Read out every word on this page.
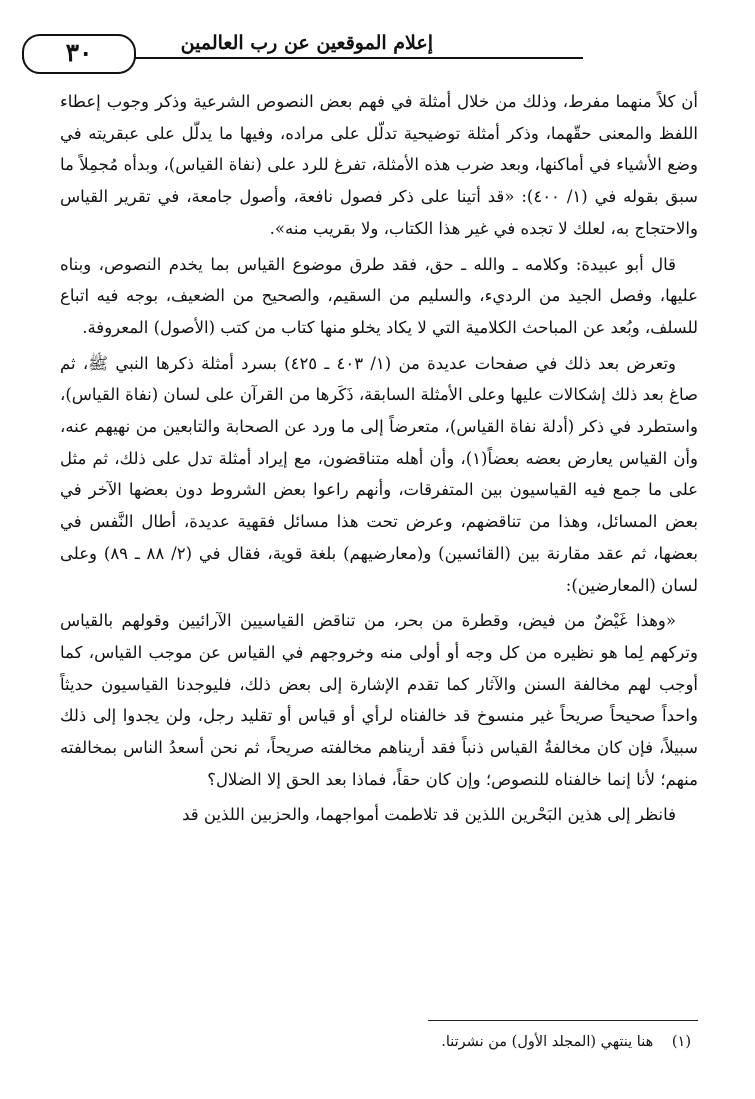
إعلام الموقعين عن رب العالمين
٣٠

أن كلاً منهما مفرط، وذلك من خلال أمثلة في فهم بعض النصوص الشرعية وذكر وجوب إعطاء اللفظ والمعنى حقّهما، وذكر أمثلة توضيحية تدلّل على مراده، وفيها ما يدلّل على عبقريته في وضع الأشياء في أماكنها، وبعد ضرب هذه الأمثلة، تفرغ للرد على (نفاة القياس)، وبدأه مُجمِلاً ما سبق بقوله في (١/ ٤٠٠): «قد أتينا على ذكر فصول نافعة، وأصول جامعة، في تقرير القياس والاحتجاج به، لعلك لا تجده في غير هذا الكتاب، ولا بقريب منه».

قال أبو عبيدة: وكلامه ـ والله ـ حق، فقد طرق موضوع القياس بما يخدم النصوص، وبناه عليها، وفصل الجيد من الرديء، والسليم من السقيم، والصحيح من الضعيف، بوجه فيه اتباع للسلف، وبُعد عن المباحث الكلامية التي لا يكاد يخلو منها كتاب من كتب (الأصول) المعروفة.

وتعرض بعد ذلك في صفحات عديدة من (١/ ٤٠٣ ـ ٤٢٥) بسرد أمثلة ذكرها النبي ﷺ، ثم صاغ بعد ذلك إشكالات عليها وعلى الأمثلة السابقة، ذَكَرها من القرآن على لسان (نفاة القياس)، واستطرد في ذكر (أدلة نفاة القياس)، متعرضاً إلى ما ورد عن الصحابة والتابعين من نهيهم عنه، وأن القياس يعارض بعضه بعضاً(١)، وأن أهله متناقضون، مع إيراد أمثلة تدل على ذلك، ثم مثل على ما جمع فيه القياسيون بين المتفرقات، وأنهم راعوا بعض الشروط دون بعضها الآخر في بعض المسائل، وهذا من تناقضهم، وعرض تحت هذا مسائل فقهية عديدة، أطال النَّفس في بعضها، ثم عقد مقارنة بين (القائسين) و(معارضيهم) بلغة قوية، فقال في (٢/ ٨٨ ـ ٨٩) وعلى لسان (المعارضين):

«وهذا غَيْضٌ من فيض، وقطرة من بحر، من تناقض القياسيين الآرائيين وقولهم بالقياس وتركهم لِما هو نظيره من كل وجه أو أولى منه وخروجهم في القياس عن موجب القياس، كما أوجب لهم مخالفة السنن والآثار كما تقدم الإشارة إلى بعض ذلك، فليوجدنا القياسيون حديثاً واحداً صحيحاً صريحاً غير منسوخ قد خالفناه لرأي أو قياس أو تقليد رجل، ولن يجدوا إلى ذلك سبيلاً، فإن كان مخالفةُ القياس ذنباً فقد أريناهم مخالفته صريحاً، ثم نحن أسعدُ الناس بمخالفته منهم؛ لأنا إنما خالفناه للنصوص؛ وإن كان حقاً، فماذا بعد الحق إلا الضلال؟

فانظر إلى هذين البَحْرين اللذين قد تلاطمت أمواجهما، والحزبين اللذين قد

(١) هنا ينتهي (المجلد الأول) من نشرتنا.
